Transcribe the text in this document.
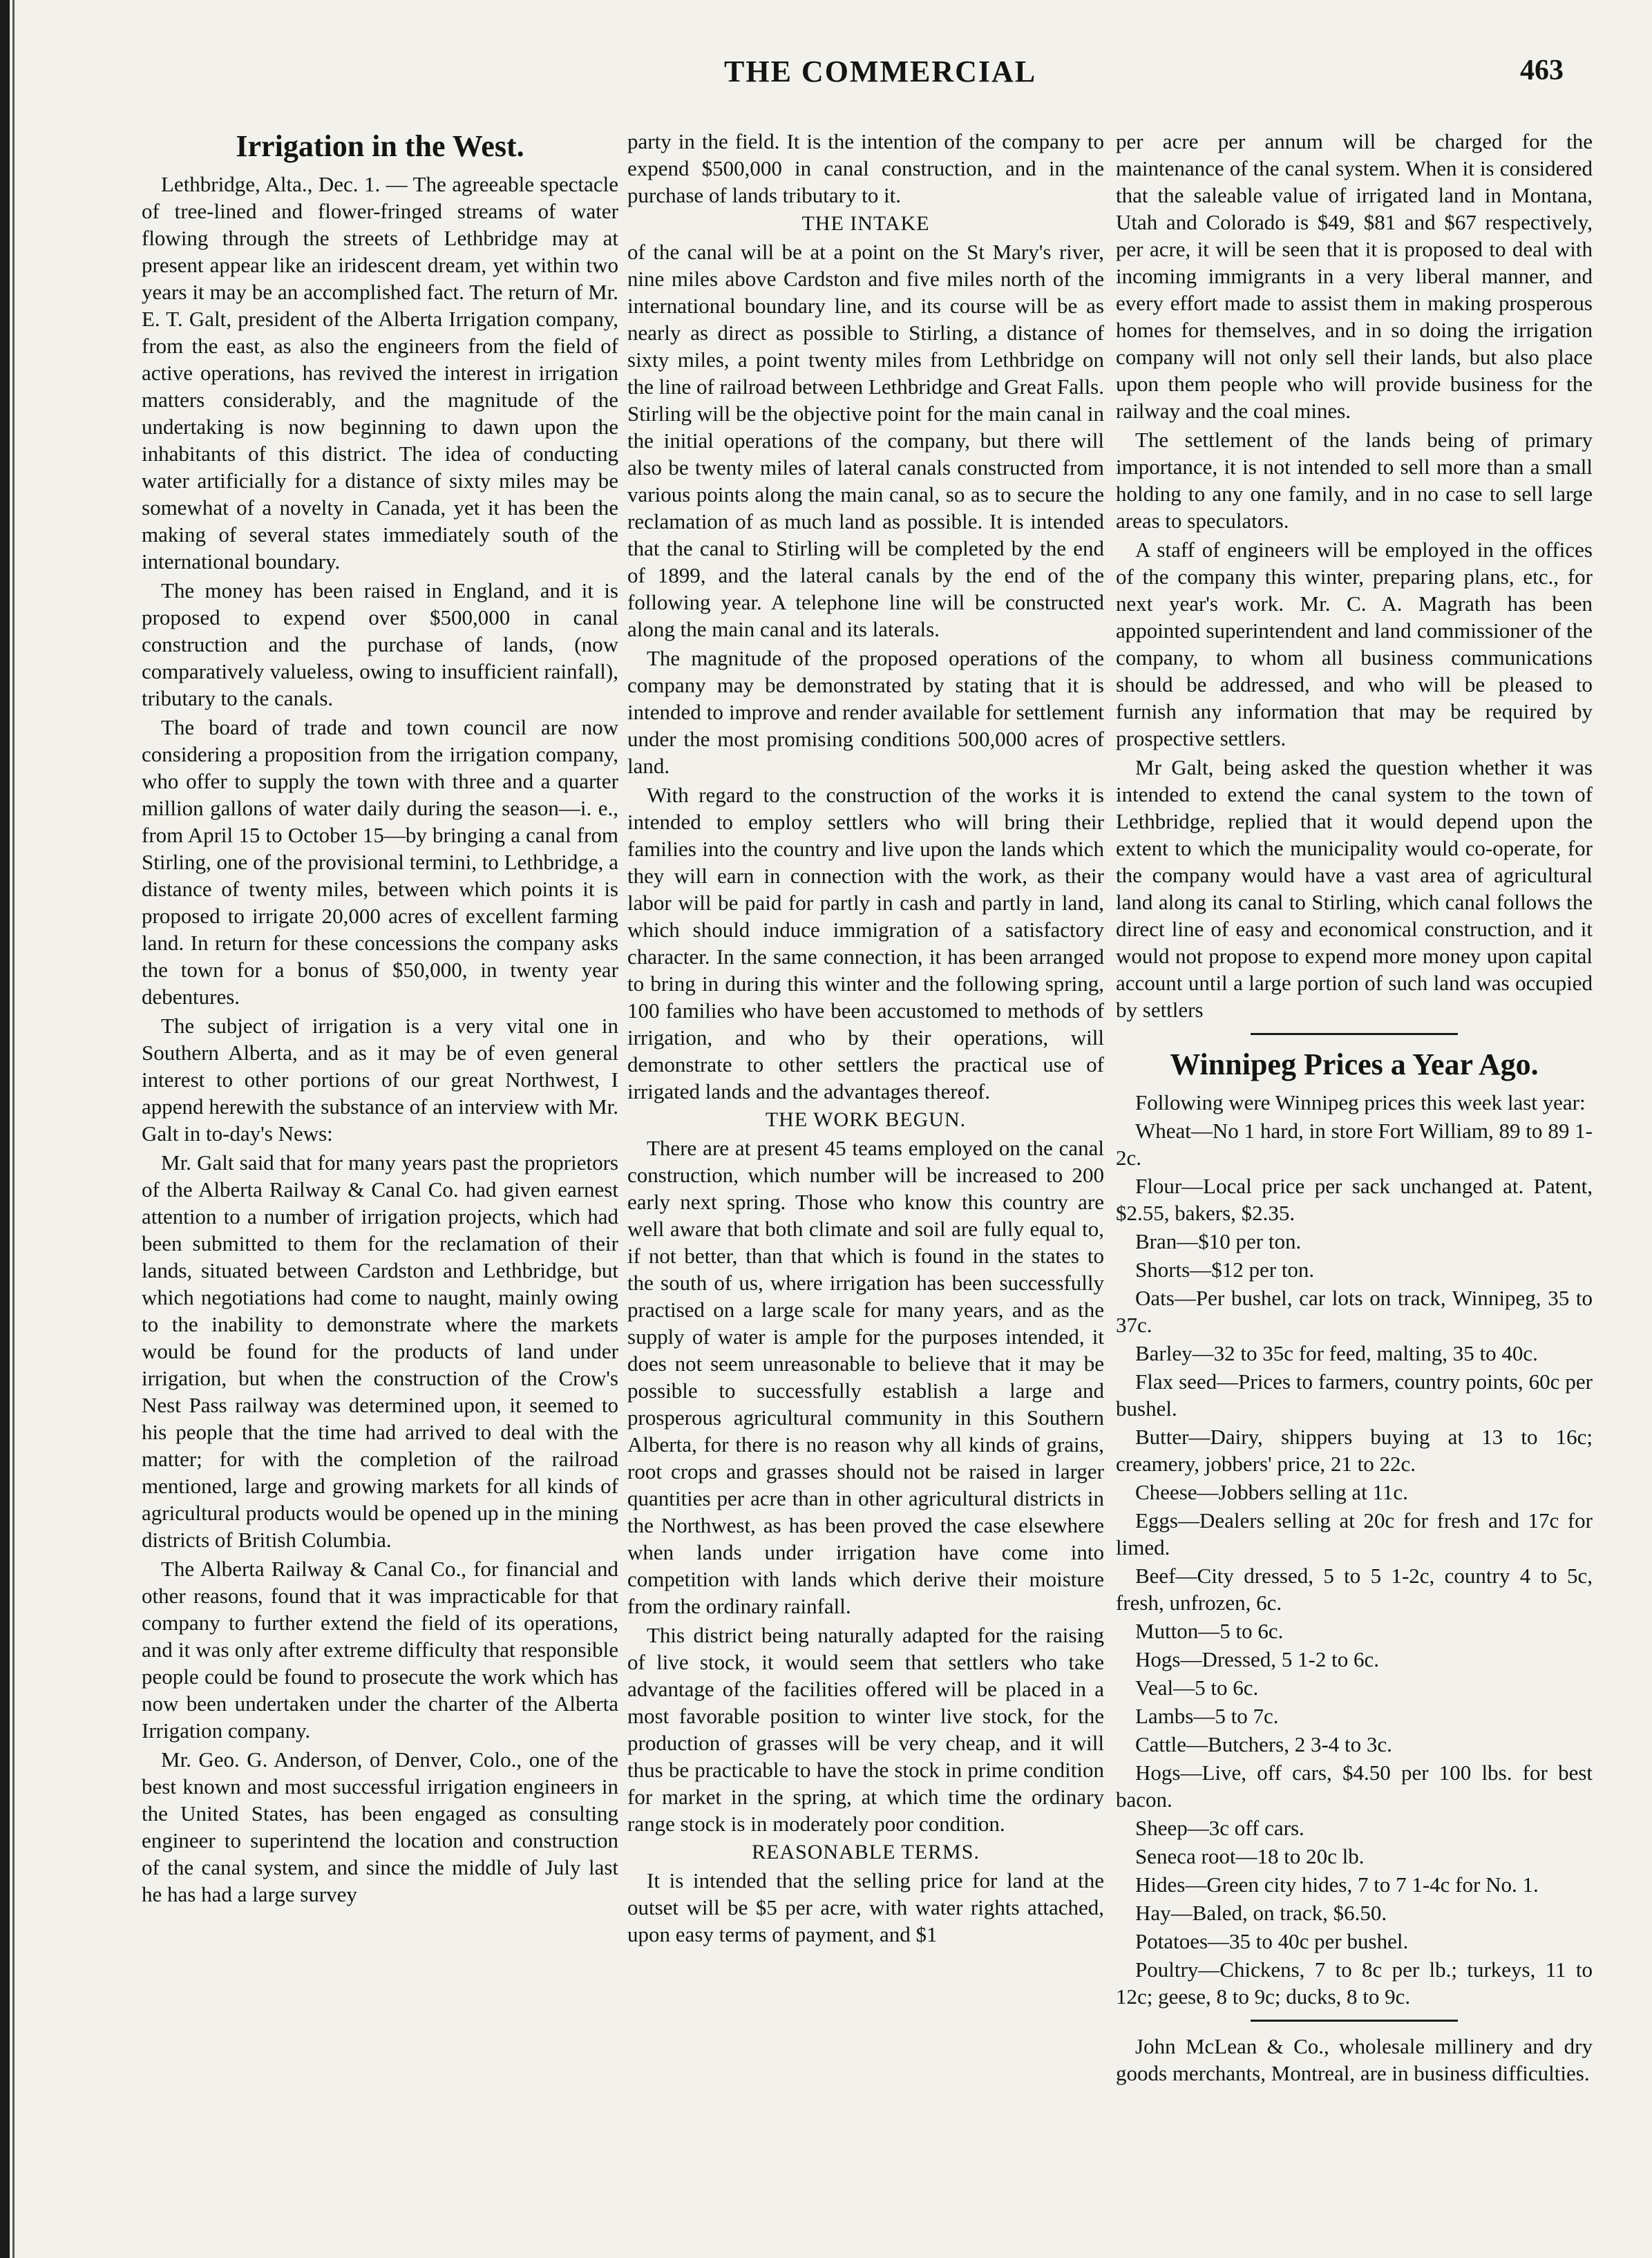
THE COMMERCIAL	463
Irrigation in the West.

Lethbridge, Alta., Dec. 1. — The agreeable spectacle of tree-lined and flower-fringed streams of water flowing through the streets of Lethbridge may at present appear like an iridescent dream, yet within two years it may be an accomplished fact. The return of Mr. E. T. Galt, president of the Alberta Irrigation company, from the east, as also the engineers from the field of active operations, has revived the interest in irrigation matters considerably, and the magnitude of the undertaking is now beginning to dawn upon the inhabitants of this district. The idea of conducting water artificially for a distance of sixty miles may be somewhat of a novelty in Canada, yet it has been the making of several states immediately south of the international boundary.

The money has been raised in England, and it is proposed to expend over $500,000 in canal construction and the purchase of lands, (now comparatively valueless, owing to insufficient rainfall), tributary to the canals.

The board of trade and town council are now considering a proposition from the irrigation company, who offer to supply the town with three and a quarter million gallons of water daily during the season—i. e., from April 15 to October 15—by bringing a canal from Stirling, one of the provisional termini, to Lethbridge, a distance of twenty miles, between which points it is proposed to irrigate 20,000 acres of excellent farming land. In return for these concessions the company asks the town for a bonus of $50,000, in twenty year debentures.

The subject of irrigation is a very vital one in Southern Alberta, and as it may be of even general interest to other portions of our great Northwest, I append herewith the substance of an interview with Mr. Galt in to-day's News:

Mr. Galt said that for many years past the proprietors of the Alberta Railway & Canal Co. had given earnest attention to a number of irrigation projects, which had been submitted to them for the reclamation of their lands, situated between Cardston and Lethbridge, but which negotiations had come to naught, mainly owing to the inability to demonstrate where the markets would be found for the products of land under irrigation, but when the construction of the Crow's Nest Pass railway was determined upon, it seemed to his people that the time had arrived to deal with the matter; for with the completion of the railroad mentioned, large and growing markets for all kinds of agricultural products would be opened up in the mining districts of British Columbia.

The Alberta Railway & Canal Co., for financial and other reasons, found that it was impracticable for that company to further extend the field of its operations, and it was only after extreme difficulty that responsible people could be found to prosecute the work which has now been undertaken under the charter of the Alberta Irrigation company.

Mr. Geo. G. Anderson, of Denver, Colo., one of the best known and most successful irrigation engineers in the United States, has been engaged as consulting engineer to superintend the location and construction of the canal system, and since the middle of July last he has had a large survey

party in the field. It is the intention of the company to expend $500,000 in canal construction, and in the purchase of lands tributary to it.

THE INTAKE

of the canal will be at a point on the St Mary's river, nine miles above Cardston and five miles north of the international boundary line, and its course will be as nearly as direct as possible to Stirling, a distance of sixty miles, a point twenty miles from Lethbridge on the line of railroad between Lethbridge and Great Falls. Stirling will be the objective point for the main canal in the initial operations of the company, but there will also be twenty miles of lateral canals constructed from various points along the main canal, so as to secure the reclamation of as much land as possible. It is intended that the canal to Stirling will be completed by the end of 1899, and the lateral canals by the end of the following year. A telephone line will be constructed along the main canal and its laterals.

The magnitude of the proposed operations of the company may be demonstrated by stating that it is intended to improve and render available for settlement under the most promising conditions 500,000 acres of land.

With regard to the construction of the works it is intended to employ settlers who will bring their families into the country and live upon the lands which they will earn in connection with the work, as their labor will be paid for partly in cash and partly in land, which should induce immigration of a satisfactory character. In the same connection, it has been arranged to bring in during this winter and the following spring, 100 families who have been accustomed to methods of irrigation, and who by their operations, will demonstrate to other settlers the practical use of irrigated lands and the advantages thereof.

THE WORK BEGUN.

There are at present 45 teams employed on the canal construction, which number will be increased to 200 early next spring. Those who know this country are well aware that both climate and soil are fully equal to, if not better, than that which is found in the states to the south of us, where irrigation has been successfully practised on a large scale for many years, and as the supply of water is ample for the purposes intended, it does not seem unreasonable to believe that it may be possible to successfully establish a large and prosperous agricultural community in this Southern Alberta, for there is no reason why all kinds of grains, root crops and grasses should not be raised in larger quantities per acre than in other agricultural districts in the Northwest, as has been proved the case elsewhere when lands under irrigation have come into competition with lands which derive their moisture from the ordinary rainfall.

This district being naturally adapted for the raising of live stock, it would seem that settlers who take advantage of the facilities offered will be placed in a most favorable position to winter live stock, for the production of grasses will be very cheap, and it will thus be practicable to have the stock in prime condition for market in the spring, at which time the ordinary range stock is in moderately poor condition.

REASONABLE TERMS.

It is intended that the selling price for land at the outset will be $5 per acre, with water rights attached, upon easy terms of payment, and $1

per acre per annum will be charged for the maintenance of the canal system. When it is considered that the saleable value of irrigated land in Montana, Utah and Colorado is $49, $81 and $67 respectively, per acre, it will be seen that it is proposed to deal with incoming immigrants in a very liberal manner, and every effort made to assist them in making prosperous homes for themselves, and in so doing the irrigation company will not only sell their lands, but also place upon them people who will provide business for the railway and the coal mines.

The settlement of the lands being of primary importance, it is not intended to sell more than a small holding to any one family, and in no case to sell large areas to speculators.

A staff of engineers will be employed in the offices of the company this winter, preparing plans, etc., for next year's work. Mr. C. A. Magrath has been appointed superintendent and land commissioner of the company, to whom all business communications should be addressed, and who will be pleased to furnish any information that may be required by prospective settlers.

Mr Galt, being asked the question whether it was intended to extend the canal system to the town of Lethbridge, replied that it would depend upon the extent to which the municipality would co-operate, for the company would have a vast area of agricultural land along its canal to Stirling, which canal follows the direct line of easy and economical construction, and it would not propose to expend more money upon capital account until a large portion of such land was occupied by settlers

Winnipeg Prices a Year Ago.

Following were Winnipeg prices this week last year:

Wheat—No 1 hard, in store Fort William, 89 to 89 1-2c.

Flour—Local price per sack unchanged at. Patent, $2.55, bakers, $2.35.

Bran—$10 per ton.

Shorts—$12 per ton.

Oats—Per bushel, car lots on track, Winnipeg, 35 to 37c.

Barley—32 to 35c for feed, malting, 35 to 40c.

Flax seed—Prices to farmers, country points, 60c per bushel.

Butter—Dairy, shippers buying at 13 to 16c; creamery, jobbers' price, 21 to 22c.

Cheese—Jobbers selling at 11c.

Eggs—Dealers selling at 20c for fresh and 17c for limed.

Beef—City dressed, 5 to 5 1-2c, country 4 to 5c, fresh, unfrozen, 6c.

Mutton—5 to 6c.

Hogs—Dressed, 5 1-2 to 6c.

Veal—5 to 6c.

Lambs—5 to 7c.

Cattle—Butchers, 2 3-4 to 3c.

Hogs—Live, off cars, $4.50 per 100 lbs. for best bacon.

Sheep—3c off cars.

Seneca root—18 to 20c lb.

Hides—Green city hides, 7 to 7 1-4c for No. 1.

Hay—Baled, on track, $6.50.

Potatoes—35 to 40c per bushel.

Poultry—Chickens, 7 to 8c per lb.; turkeys, 11 to 12c; geese, 8 to 9c; ducks, 8 to 9c.

John McLean & Co., wholesale millinery and dry goods merchants, Montreal, are in business difficulties.
